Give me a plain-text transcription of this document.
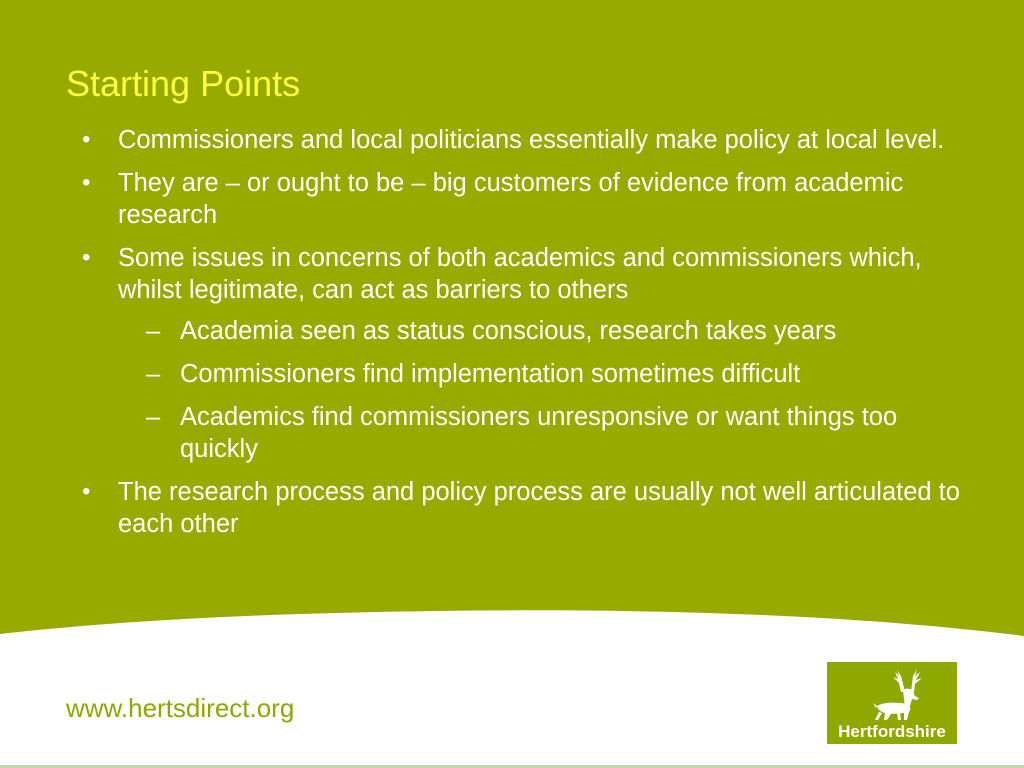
Starting Points
•	Commissioners and local politicians essentially make policy at local level.
•	They are – or ought to be – big customers of evidence from academic research
•	Some issues in concerns of both academics and commissioners which, whilst legitimate, can act as barriers to others
– Academia seen as status conscious, research takes years
– Commissioners find implementation sometimes difficult
– Academics find commissioners unresponsive or want things too quickly
•	The research process and policy process are usually not well articulated to each other
www.hertsdirect.org
Hertfordshire
